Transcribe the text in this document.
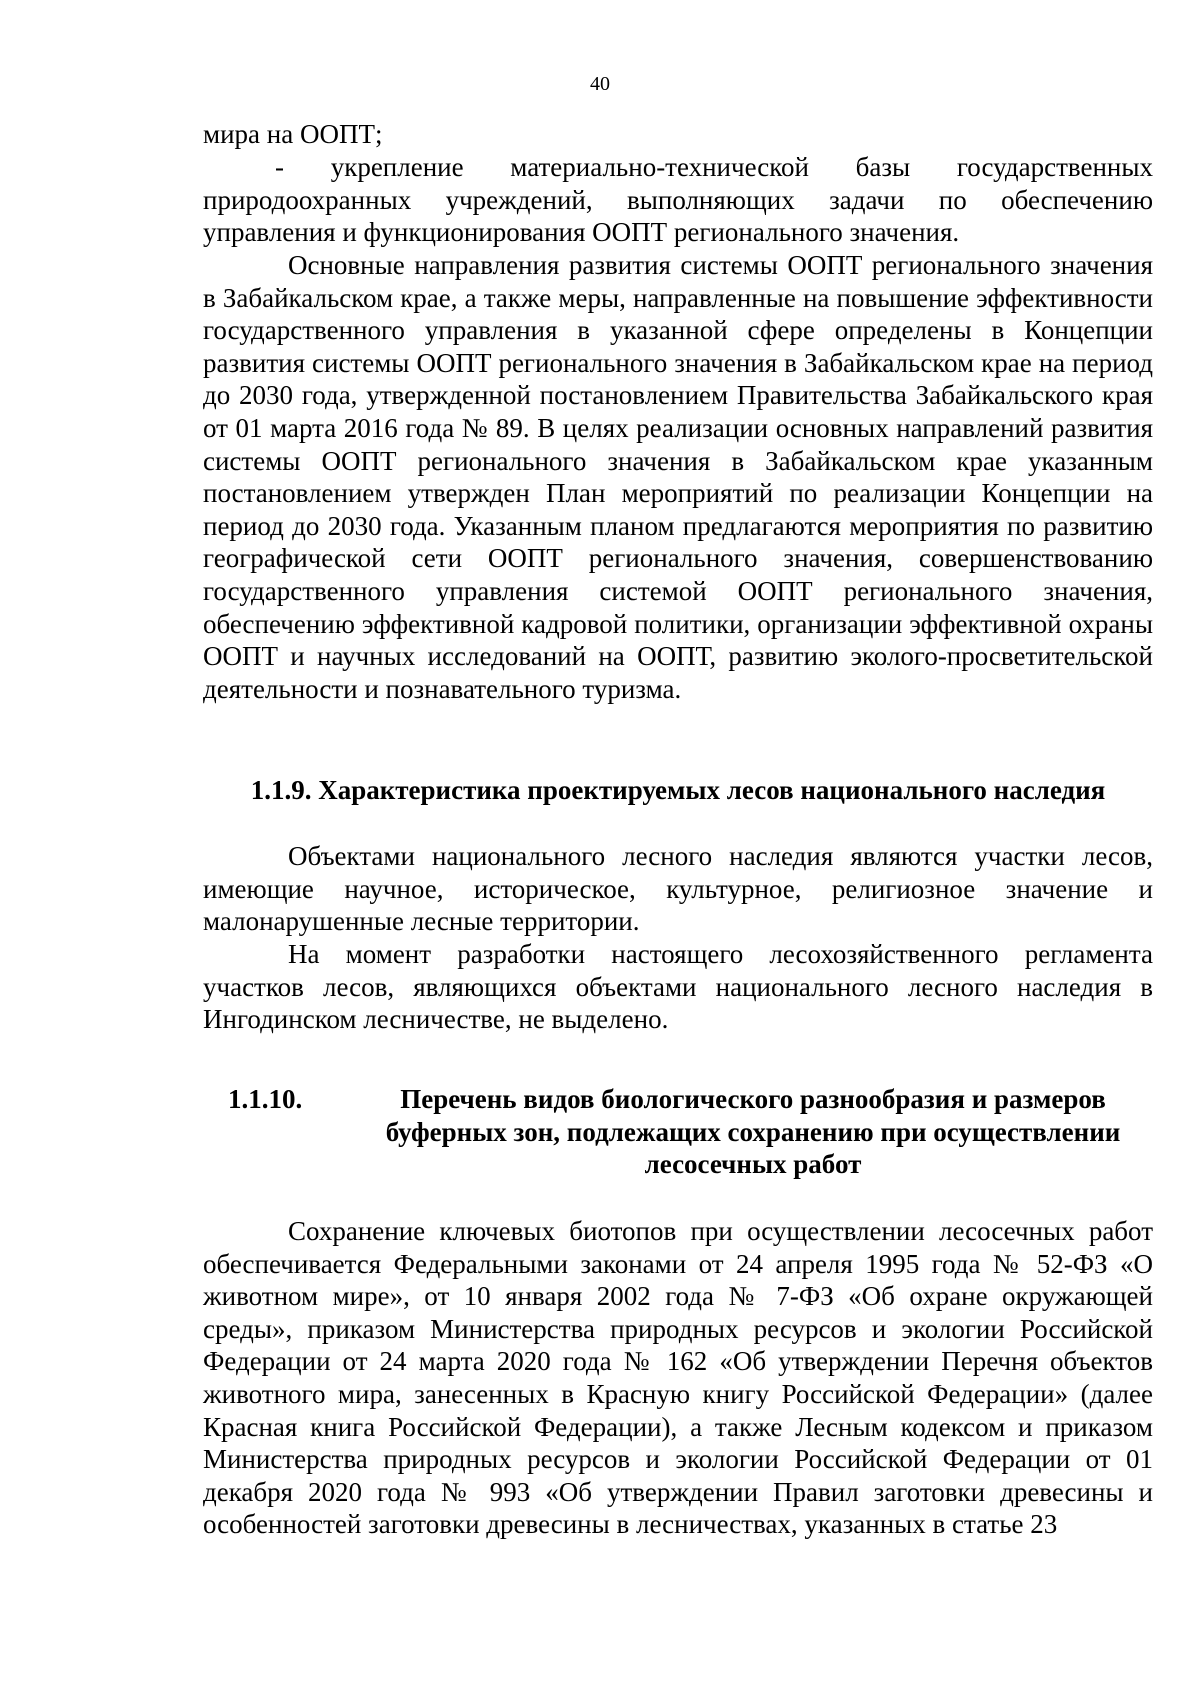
40

мира на ООПТ;

- укрепление материально-технической базы государственных природоохранных учреждений, выполняющих задачи по обеспечению управления и функционирования ООПТ регионального значения.

Основные направления развития системы ООПТ регионального значения в Забайкальском крае, а также меры, направленные на повышение эффективности государственного управления в указанной сфере определены в Концепции развития системы ООПТ регионального значения в Забайкальском крае на период до 2030 года, утвержденной постановлением Правительства Забайкальского края от 01 марта 2016 года № 89. В целях реализации основных направлений развития системы ООПТ регионального значения в Забайкальском крае указанным постановлением утвержден План мероприятий по реализации Концепции на период до 2030 года. Указанным планом предлагаются мероприятия по развитию географической сети ООПТ регионального значения, совершенствованию государственного управления системой ООПТ регионального значения, обеспечению эффективной кадровой политики, организации эффективной охраны ООПТ и научных исследований на ООПТ, развитию эколого-просветительской деятельности и познавательного туризма.

1.1.9. Характеристика проектируемых лесов национального наследия

Объектами национального лесного наследия являются участки лесов, имеющие научное, историческое, культурное, религиозное значение и малонарушенные лесные территории.

На момент разработки настоящего лесохозяйственного регламента участков лесов, являющихся объектами национального лесного наследия в Ингодинском лесничестве, не выделено.

1.1.10.	Перечень видов биологического разнообразия и размеров буферных зон, подлежащих сохранению при осуществлении лесосечных работ

Сохранение ключевых биотопов при осуществлении лесосечных работ обеспечивается Федеральными законами от 24 апреля 1995 года № 52-ФЗ «О животном мире», от 10 января 2002 года № 7-ФЗ «Об охране окружающей среды», приказом Министерства природных ресурсов и экологии Российской Федерации от 24 марта 2020 года № 162 «Об утверждении Перечня объектов животного мира, занесенных в Красную книгу Российской Федерации» (далее Красная книга Российской Федерации), а также Лесным кодексом и приказом Министерства природных ресурсов и экологии Российской Федерации от 01 декабря 2020 года № 993 «Об утверждении Правил заготовки древесины и особенностей заготовки древесины в лесничествах, указанных в статье 23
